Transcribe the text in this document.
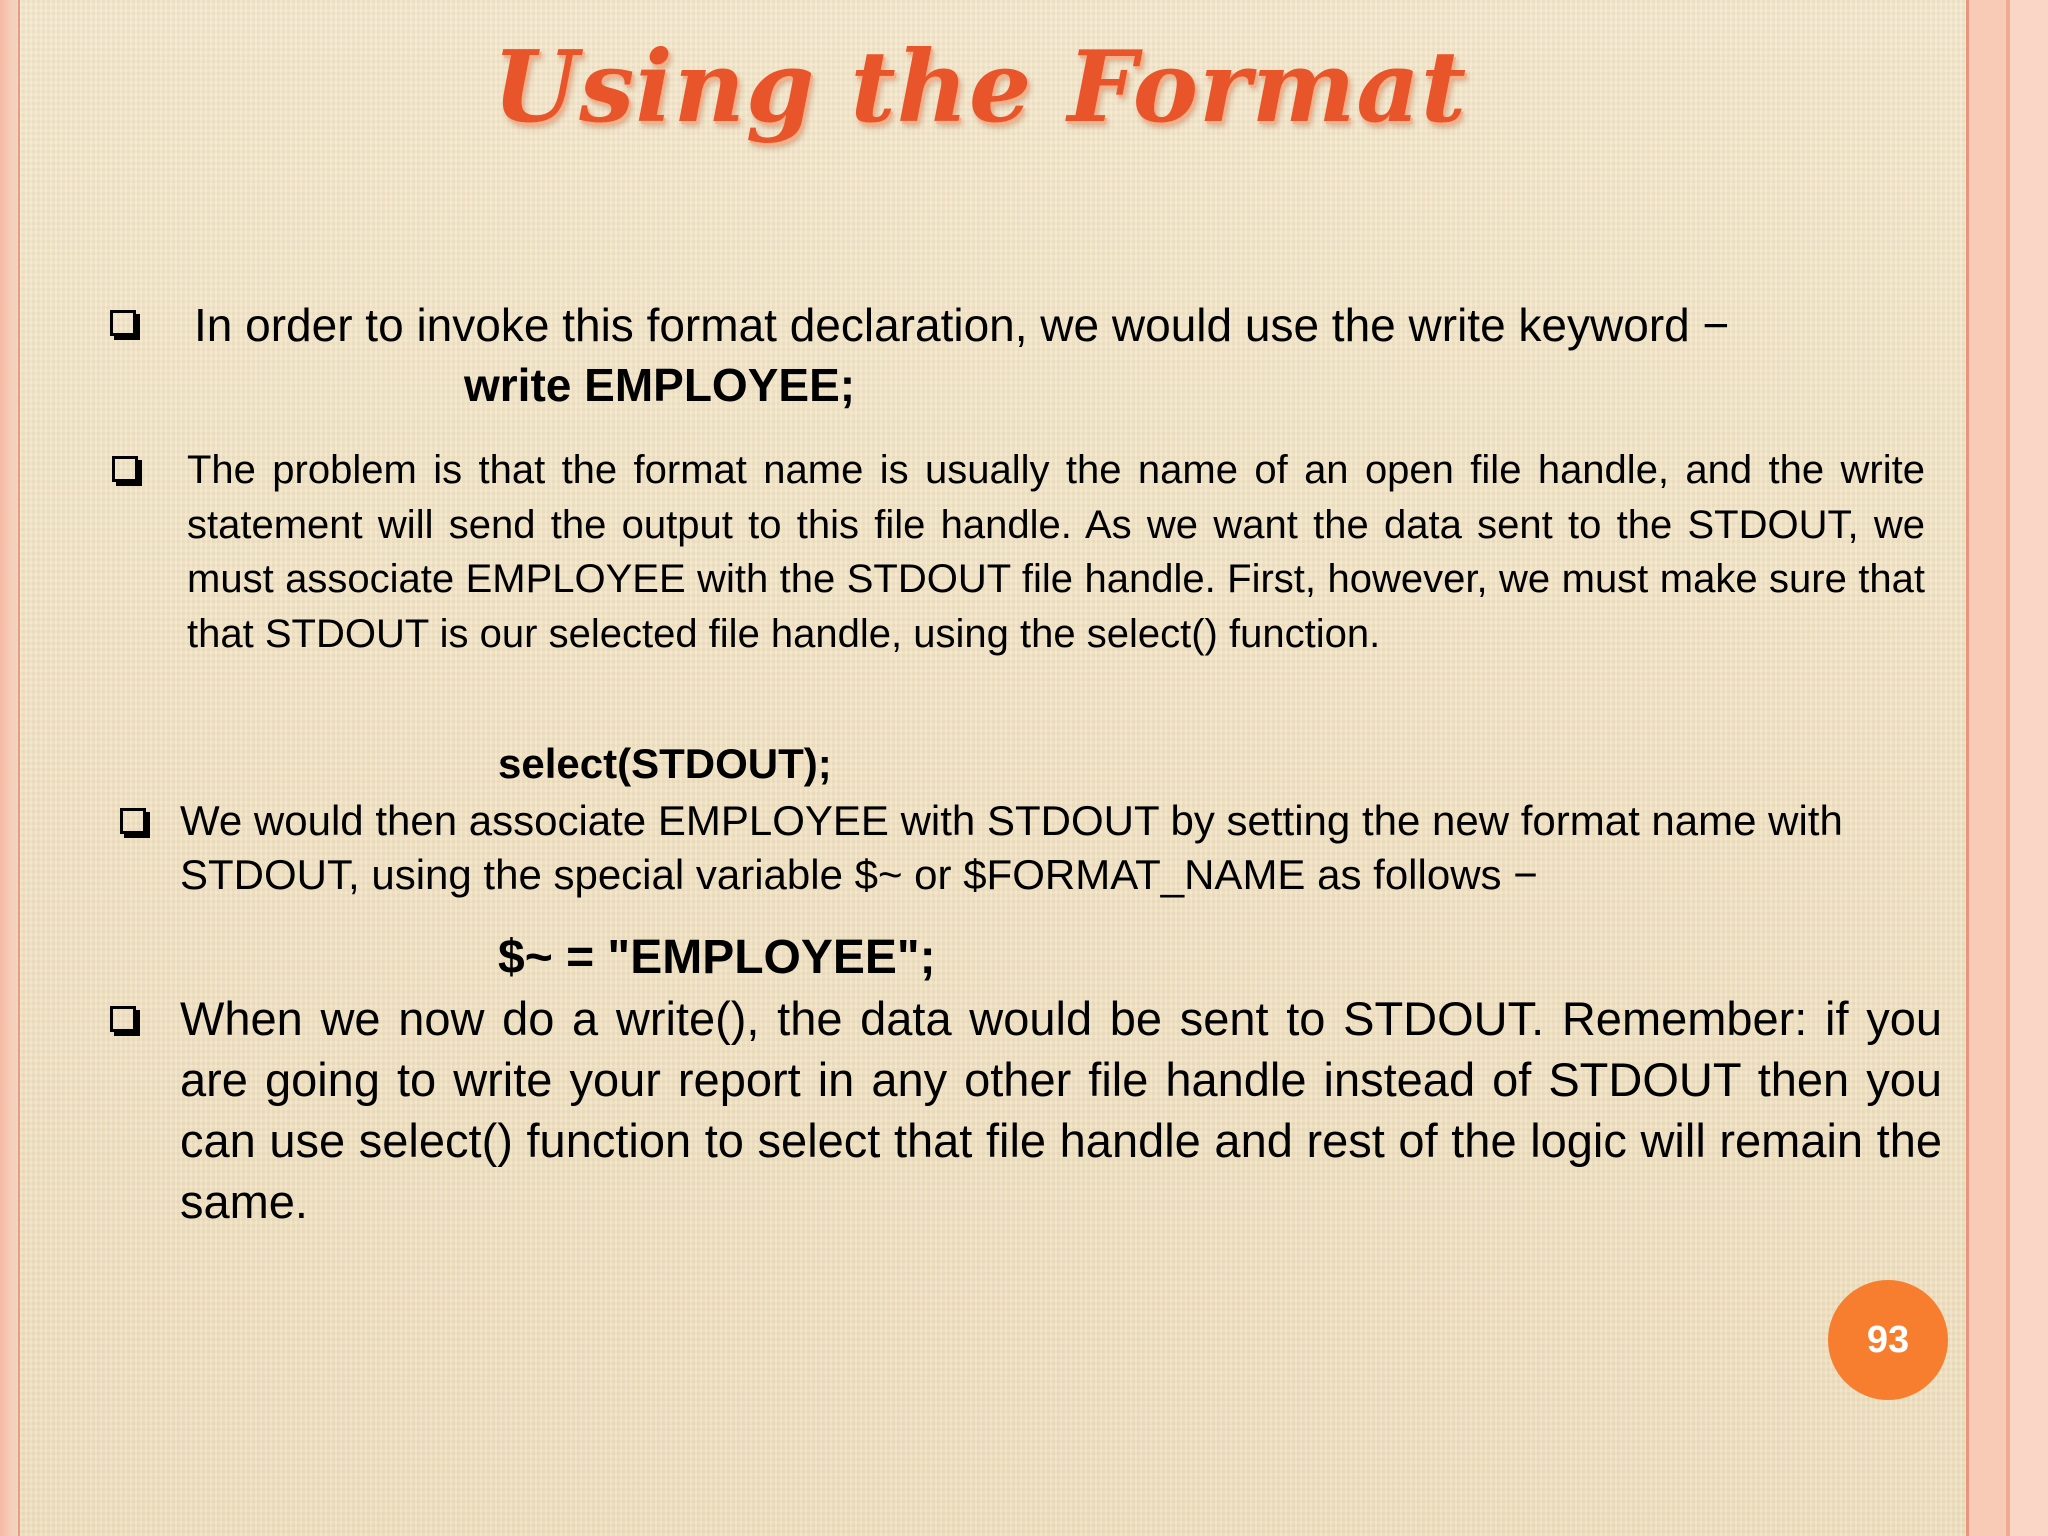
Using the Format
In order to invoke this format declaration, we would use the write keyword −
write EMPLOYEE;
The problem is that the format name is usually the name of an open file handle, and the write statement will send the output to this file handle. As we want the data sent to the STDOUT, we must associate EMPLOYEE with the STDOUT file handle. First, however, we must make sure that that STDOUT is our selected file handle, using the select() function.
select(STDOUT);
We would then associate EMPLOYEE with STDOUT by setting the new format name with STDOUT, using the special variable $~ or $FORMAT_NAME as follows −
$~ = "EMPLOYEE";
When we now do a write(), the data would be sent to STDOUT. Remember: if you are going to write your report in any other file handle instead of STDOUT then you can use select() function to select that file handle and rest of the logic will remain the same.
93
